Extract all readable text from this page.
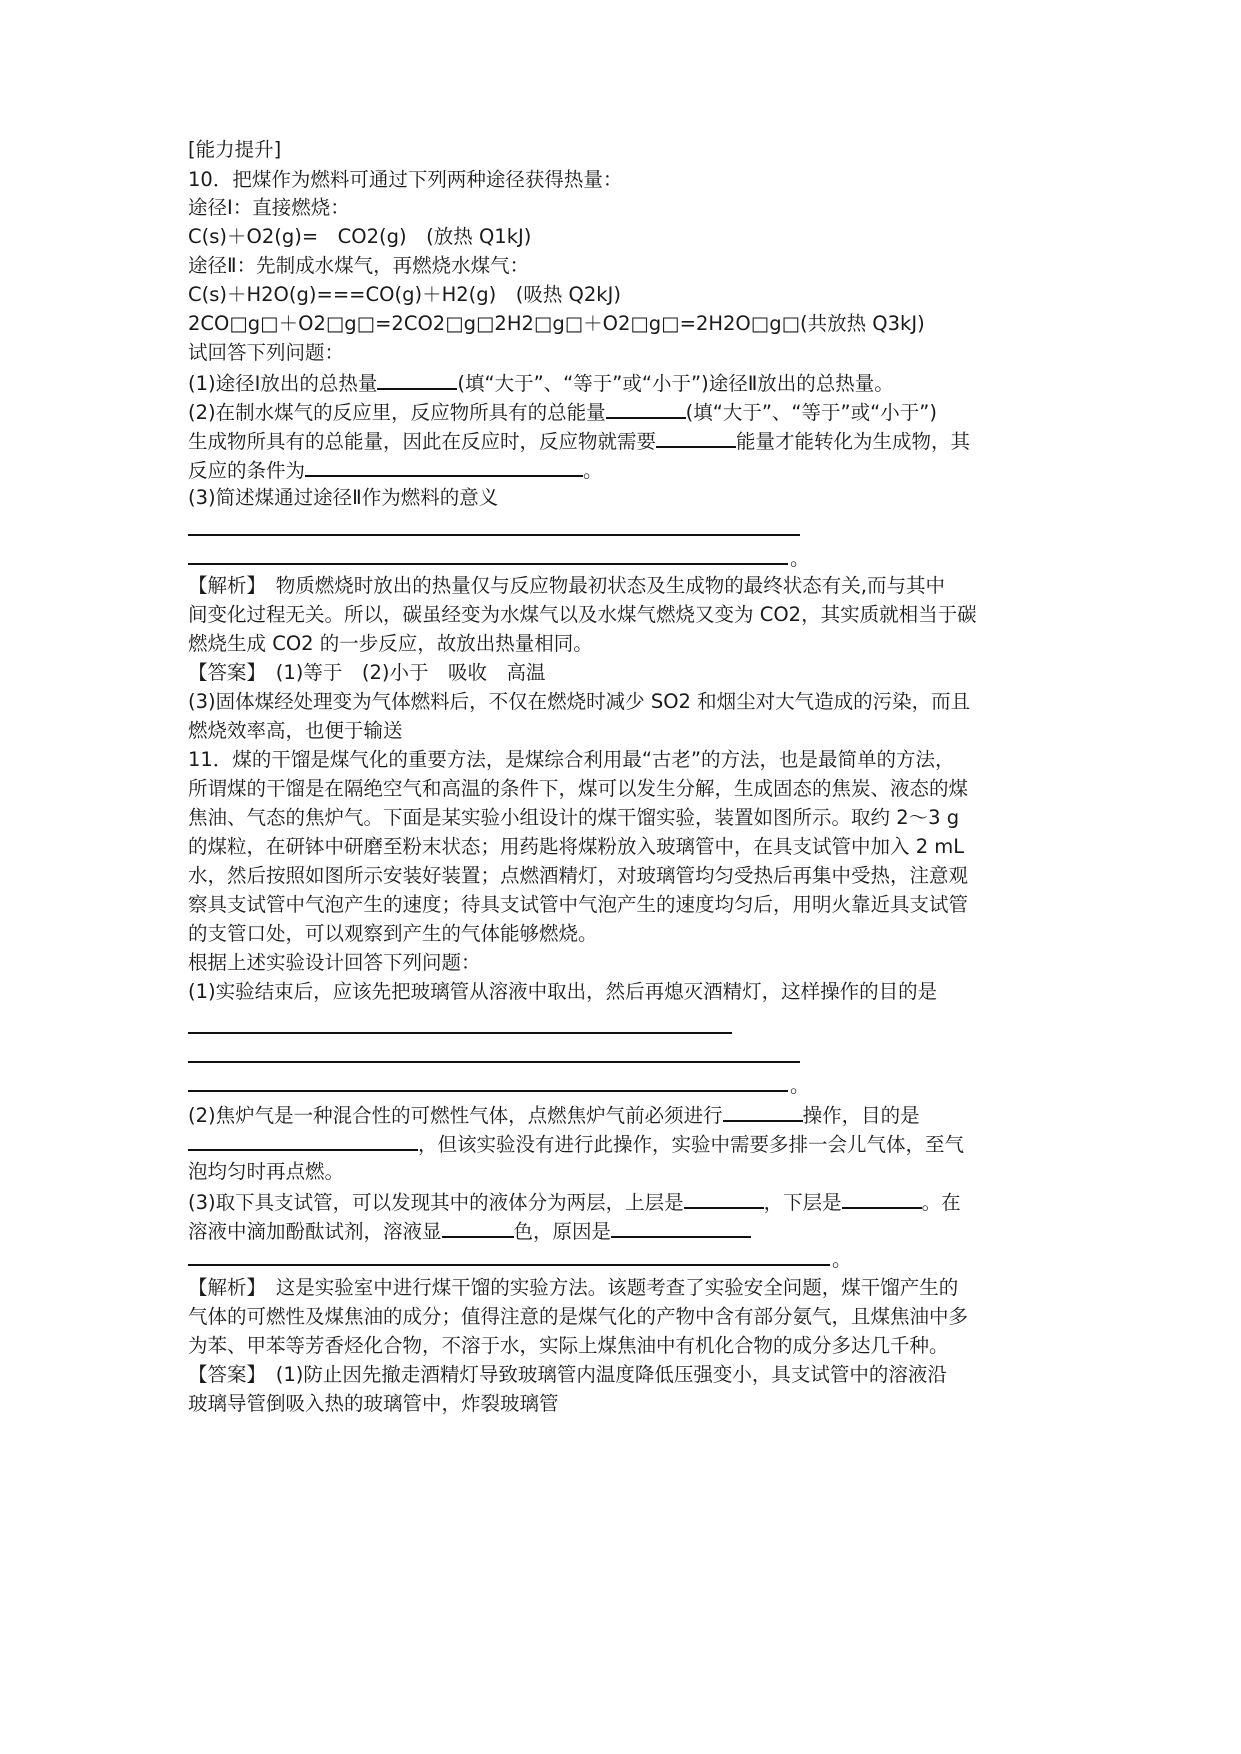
[能力提升]
10．把煤作为燃料可通过下列两种途径获得热量：
途径Ⅰ：直接燃烧：
C(s)＋O2(g)=　CO2(g)　(放热 Q1kJ)
途径Ⅱ：先制成水煤气，再燃烧水煤气：
C(s)＋H2O(g)===CO(g)＋H2(g)　(吸热 Q2kJ)
2CO□g□＋O2□g□=2CO2□g□2H2□g□＋O2□g□=2H2O□g□(共放热 Q3kJ)
试回答下列问题：
(1)途径Ⅰ放出的总热量	(填“大于”、“等于”或“小于”)途径Ⅱ放出的总热量。
(2)在制水煤气的反应里，反应物所具有的总能量	(填“大于”、“等于”或“小于”)
生成物所具有的总能量，因此在反应时，反应物就需要	能量才能转化为生成物，其
反应的条件为	。
(3)简述煤通过途径Ⅱ作为燃料的意义
。
【解析】　物质燃烧时放出的热量仅与反应物最初状态及生成物的最终状态有关,而与其中
间变化过程无关。所以，碳虽经变为水煤气以及水煤气燃烧又变为 CO2，其实质就相当于碳
燃烧生成 CO2 的一步反应，故放出热量相同。
【答案】　(1)等于　(2)小于　吸收　高温
(3)固体煤经处理变为气体燃料后，不仅在燃烧时减少 SO2 和烟尘对大气造成的污染，而且
燃烧效率高，也便于输送
11．煤的干馏是煤气化的重要方法，是煤综合利用最“古老”的方法，也是最简单的方法，
所谓煤的干馏是在隔绝空气和高温的条件下，煤可以发生分解，生成固态的焦炭、液态的煤
焦油、气态的焦炉气。下面是某实验小组设计的煤干馏实验，装置如图所示。取约 2～3 g
的煤粒，在研钵中研磨至粉末状态；用药匙将煤粉放入玻璃管中，在具支试管中加入 2 mL
水，然后按照如图所示安装好装置；点燃酒精灯，对玻璃管均匀受热后再集中受热，注意观
察具支试管中气泡产生的速度；待具支试管中气泡产生的速度均匀后，用明火靠近具支试管
的支管口处，可以观察到产生的气体能够燃烧。
根据上述实验设计回答下列问题：
(1)实验结束后，应该先把玻璃管从溶液中取出，然后再熄灭酒精灯，这样操作的目的是
。
(2)焦炉气是一种混合性的可燃性气体，点燃焦炉气前必须进行	操作，目的是
，但该实验没有进行此操作，实验中需要多排一会儿气体，至气
泡均匀时再点燃。
(3)取下具支试管，可以发现其中的液体分为两层，上层是	，下层是	。在
溶液中滴加酚酞试剂，溶液显	色，原因是
。
【解析】　这是实验室中进行煤干馏的实验方法。该题考查了实验安全问题，煤干馏产生的
气体的可燃性及煤焦油的成分；值得注意的是煤气化的产物中含有部分氨气，且煤焦油中多
为苯、甲苯等芳香烃化合物，不溶于水，实际上煤焦油中有机化合物的成分多达几千种。
【答案】　(1)防止因先撤走酒精灯导致玻璃管内温度降低压强变小，具支试管中的溶液沿
玻璃导管倒吸入热的玻璃管中，炸裂玻璃管
